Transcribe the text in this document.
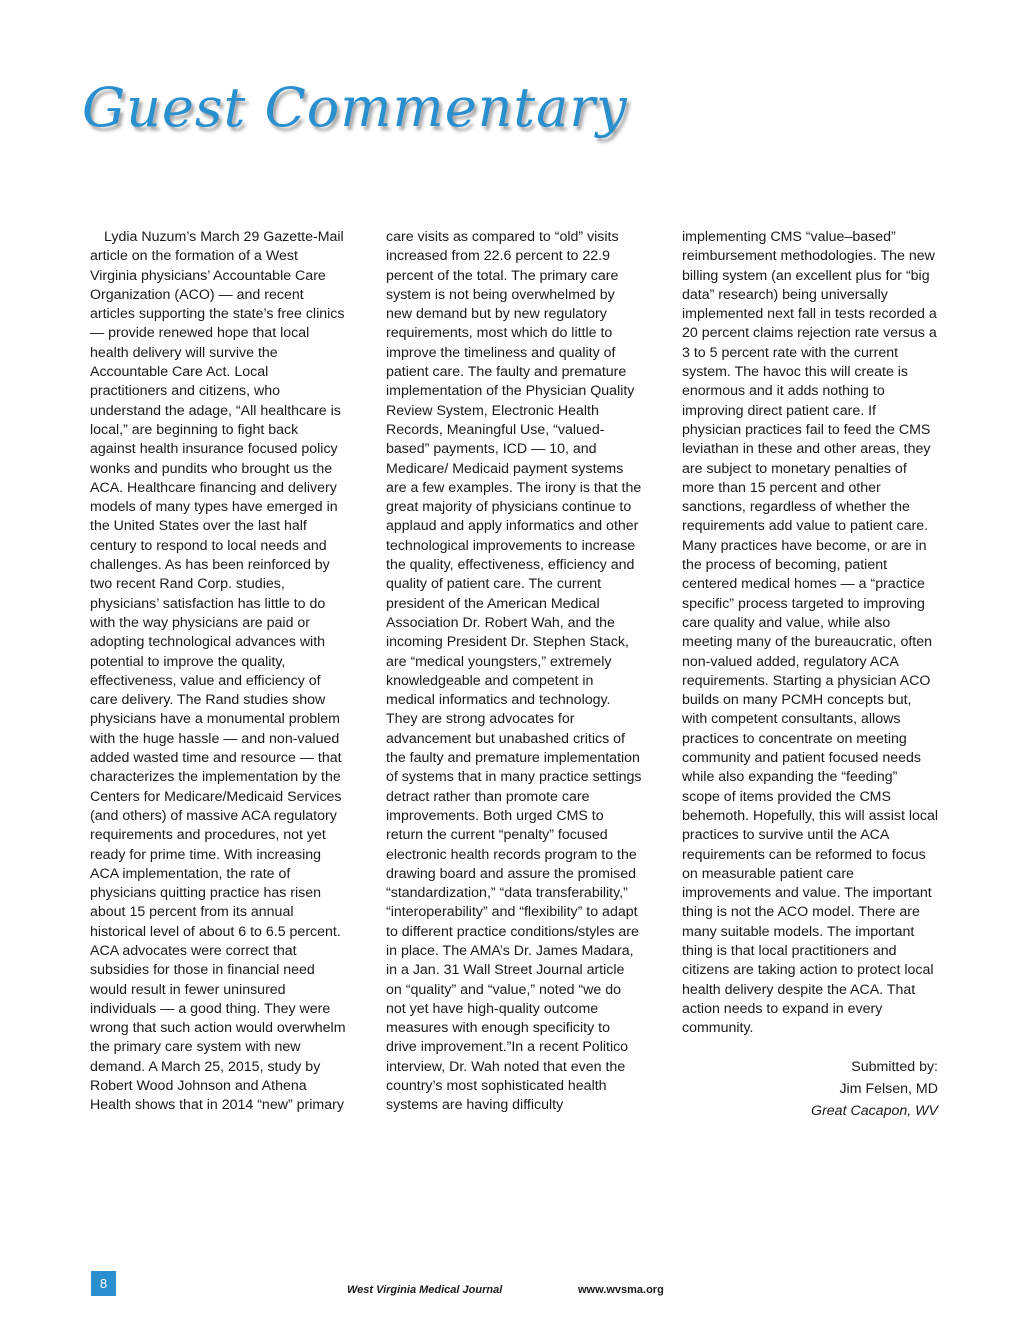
Guest Commentary

Lydia Nuzum’s March 29 Gazette-Mail article on the formation of a West Virginia physicians’ Accountable Care Organization (ACO) — and recent articles supporting the state’s free clinics — provide renewed hope that local health delivery will survive the Accountable Care Act. Local practitioners and citizens, who understand the adage, “All healthcare is local,” are beginning to fight back against health insurance focused policy wonks and pundits who brought us the ACA. Healthcare financing and delivery models of many types have emerged in the United States over the last half century to respond to local needs and challenges. As has been reinforced by two recent Rand Corp. studies, physicians’ satisfaction has little to do with the way physicians are paid or adopting technological advances with potential to improve the quality, effectiveness, value and efficiency of care delivery. The Rand studies show physicians have a monumental problem with the huge hassle — and non-valued added wasted time and resource — that characterizes the implementation by the Centers for Medicare/Medicaid Services (and others) of massive ACA regulatory requirements and procedures, not yet ready for prime time. With increasing ACA implementation, the rate of physicians quitting practice has risen about 15 percent from its annual historical level of about 6 to 6.5 percent. ACA advocates were correct that subsidies for those in financial need would result in fewer uninsured individuals — a good thing. They were wrong that such action would overwhelm the primary care system with new demand. A March 25, 2015, study by Robert Wood Johnson and Athena Health shows that in 2014 “new” primary

care visits as compared to “old” visits increased from 22.6 percent to 22.9 percent of the total. The primary care system is not being overwhelmed by new demand but by new regulatory requirements, most which do little to improve the timeliness and quality of patient care. The faulty and premature implementation of the Physician Quality Review System, Electronic Health Records, Meaningful Use, “valued-based” payments, ICD — 10, and Medicare/ Medicaid payment systems are a few examples. The irony is that the great majority of physicians continue to applaud and apply informatics and other technological improvements to increase the quality, effectiveness, efficiency and quality of patient care. The current president of the American Medical Association Dr. Robert Wah, and the incoming President Dr. Stephen Stack, are “medical youngsters,” extremely knowledgeable and competent in medical informatics and technology. They are strong advocates for advancement but unabashed critics of the faulty and premature implementation of systems that in many practice settings detract rather than promote care improvements. Both urged CMS to return the current “penalty” focused electronic health records program to the drawing board and assure the promised “standardization,” “data transferability,” “interoperability” and “flexibility” to adapt to different practice conditions/styles are in place. The AMA’s Dr. James Madara, in a Jan. 31 Wall Street Journal article on “quality” and “value,” noted “we do not yet have high-quality outcome measures with enough specificity to drive improvement.”In a recent Politico interview, Dr. Wah noted that even the country’s most sophisticated health systems are having difficulty

implementing CMS “value–based” reimbursement methodologies. The new billing system (an excellent plus for “big data” research) being universally implemented next fall in tests recorded a 20 percent claims rejection rate versus a 3 to 5 percent rate with the current system. The havoc this will create is enormous and it adds nothing to improving direct patient care. If physician practices fail to feed the CMS leviathan in these and other areas, they are subject to monetary penalties of more than 15 percent and other sanctions, regardless of whether the requirements add value to patient care. Many practices have become, or are in the process of becoming, patient centered medical homes — a “practice specific” process targeted to improving care quality and value, while also meeting many of the bureaucratic, often non-valued added, regulatory ACA requirements. Starting a physician ACO builds on many PCMH concepts but, with competent consultants, allows practices to concentrate on meeting community and patient focused needs while also expanding the “feeding” scope of items provided the CMS behemoth. Hopefully, this will assist local practices to survive until the ACA requirements can be reformed to focus on measurable patient care improvements and value. The important thing is not the ACO model. There are many suitable models. The important thing is that local practitioners and citizens are taking action to protect local health delivery despite the ACA. That action needs to expand in every community.

Submitted by:
Jim Felsen, MD
Great Cacapon, WV
8	West Virginia Medical Journal	www.wvsma.org
